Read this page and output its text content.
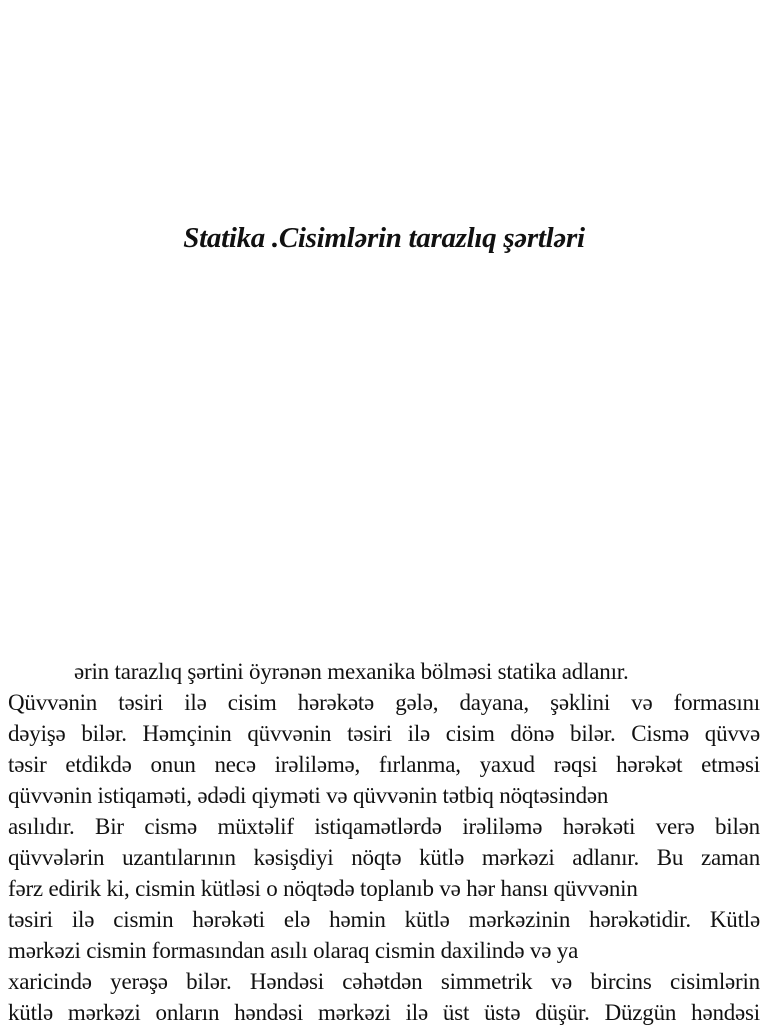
Statika .Cisimlərin tarazlıq şərtləri
ərin tarazlıq şərtini öyrənən mexanika bölməsi statika adlanır.
Qüvvənin təsiri ilə cisim hərəkətə gələ, dayana, şəklini və formasını
dəyişə bilər. Həmçinin qüvvənin təsiri ilə cisim dönə bilər. Cismə qüvvə
təsir etdikdə onun necə irəliləmə, fırlanma, yaxud rəqsi hərəkət etməsi
qüvvənin istiqaməti, ədədi qiyməti və qüvvənin tətbiq nöqtəsindən
asılıdır. Bir cismə müxtəlif istiqamətlərdə irəliləmə hərəkəti verə bilən
qüvvələrin uzantılarının kəsişdiyi nöqtə kütlə mərkəzi adlanır. Bu zaman
fərz edirik ki, cismin kütləsi o nöqtədə toplanıb və hər hansı qüvvənin
təsiri ilə cismin hərəkəti elə həmin kütlə mərkəzinin hərəkətidir. Kütlə
mərkəzi cismin formasından asılı olaraq cismin daxilində və ya
xaricində yerəşə bilər. Həndəsi cəhətdən simmetrik və bircins cisimlərin
kütlə mərkəzi onların həndəsi mərkəzi ilə üst üstə düşür. Düzgün həndəsi
